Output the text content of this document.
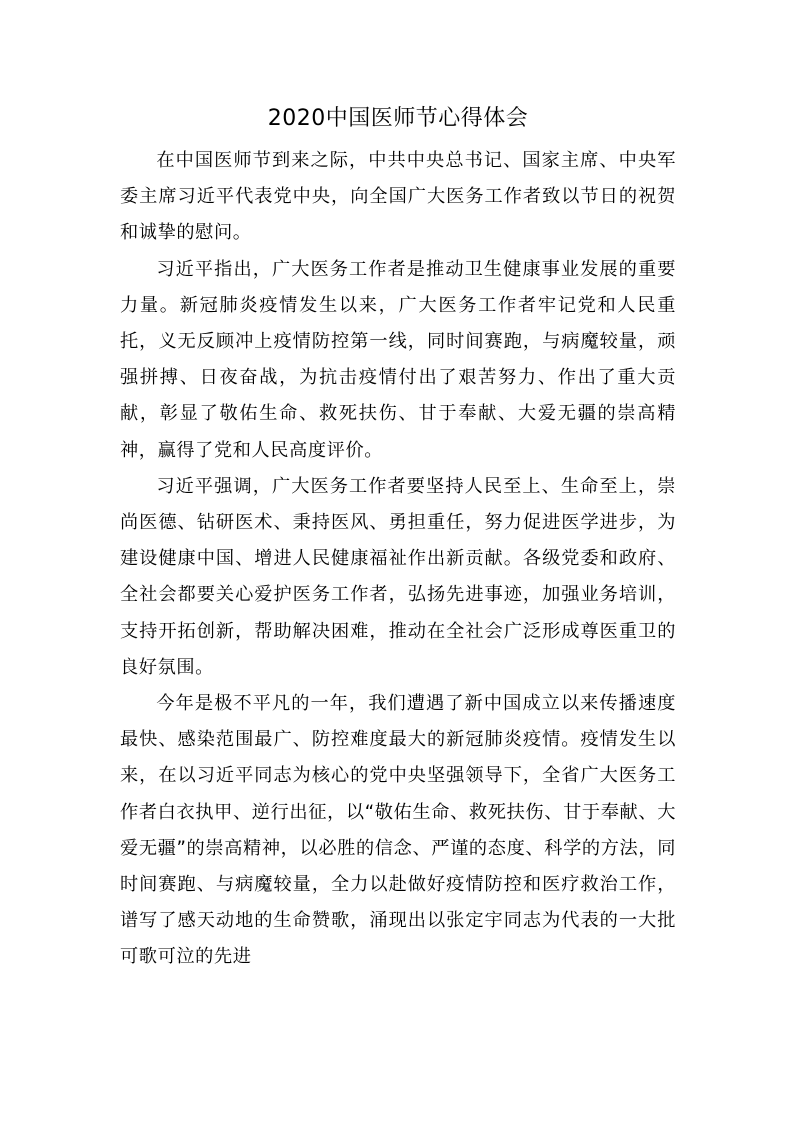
2020中国医师节心得体会

在中国医师节到来之际，中共中央总书记、国家主席、中央军委主席习近平代表党中央，向全国广大医务工作者致以节日的祝贺和诚挚的慰问。

习近平指出，广大医务工作者是推动卫生健康事业发展的重要力量。新冠肺炎疫情发生以来，广大医务工作者牢记党和人民重托，义无反顾冲上疫情防控第一线，同时间赛跑，与病魔较量，顽强拼搏、日夜奋战，为抗击疫情付出了艰苦努力、作出了重大贡献，彰显了敬佑生命、救死扶伤、甘于奉献、大爱无疆的崇高精神，赢得了党和人民高度评价。

习近平强调，广大医务工作者要坚持人民至上、生命至上，崇尚医德、钻研医术、秉持医风、勇担重任，努力促进医学进步，为建设健康中国、增进人民健康福祉作出新贡献。各级党委和政府、全社会都要关心爱护医务工作者，弘扬先进事迹，加强业务培训，支持开拓创新，帮助解决困难，推动在全社会广泛形成尊医重卫的良好氛围。

今年是极不平凡的一年，我们遭遇了新中国成立以来传播速度最快、感染范围最广、防控难度最大的新冠肺炎疫情。疫情发生以来，在以习近平同志为核心的党中央坚强领导下，全省广大医务工作者白衣执甲、逆行出征，以“敬佑生命、救死扶伤、甘于奉献、大爱无疆”的崇高精神，以必胜的信念、严谨的态度、科学的方法，同时间赛跑、与病魔较量，全力以赴做好疫情防控和医疗救治工作，谱写了感天动地的生命赞歌，涌现出以张定宇同志为代表的一大批可歌可泣的先进
